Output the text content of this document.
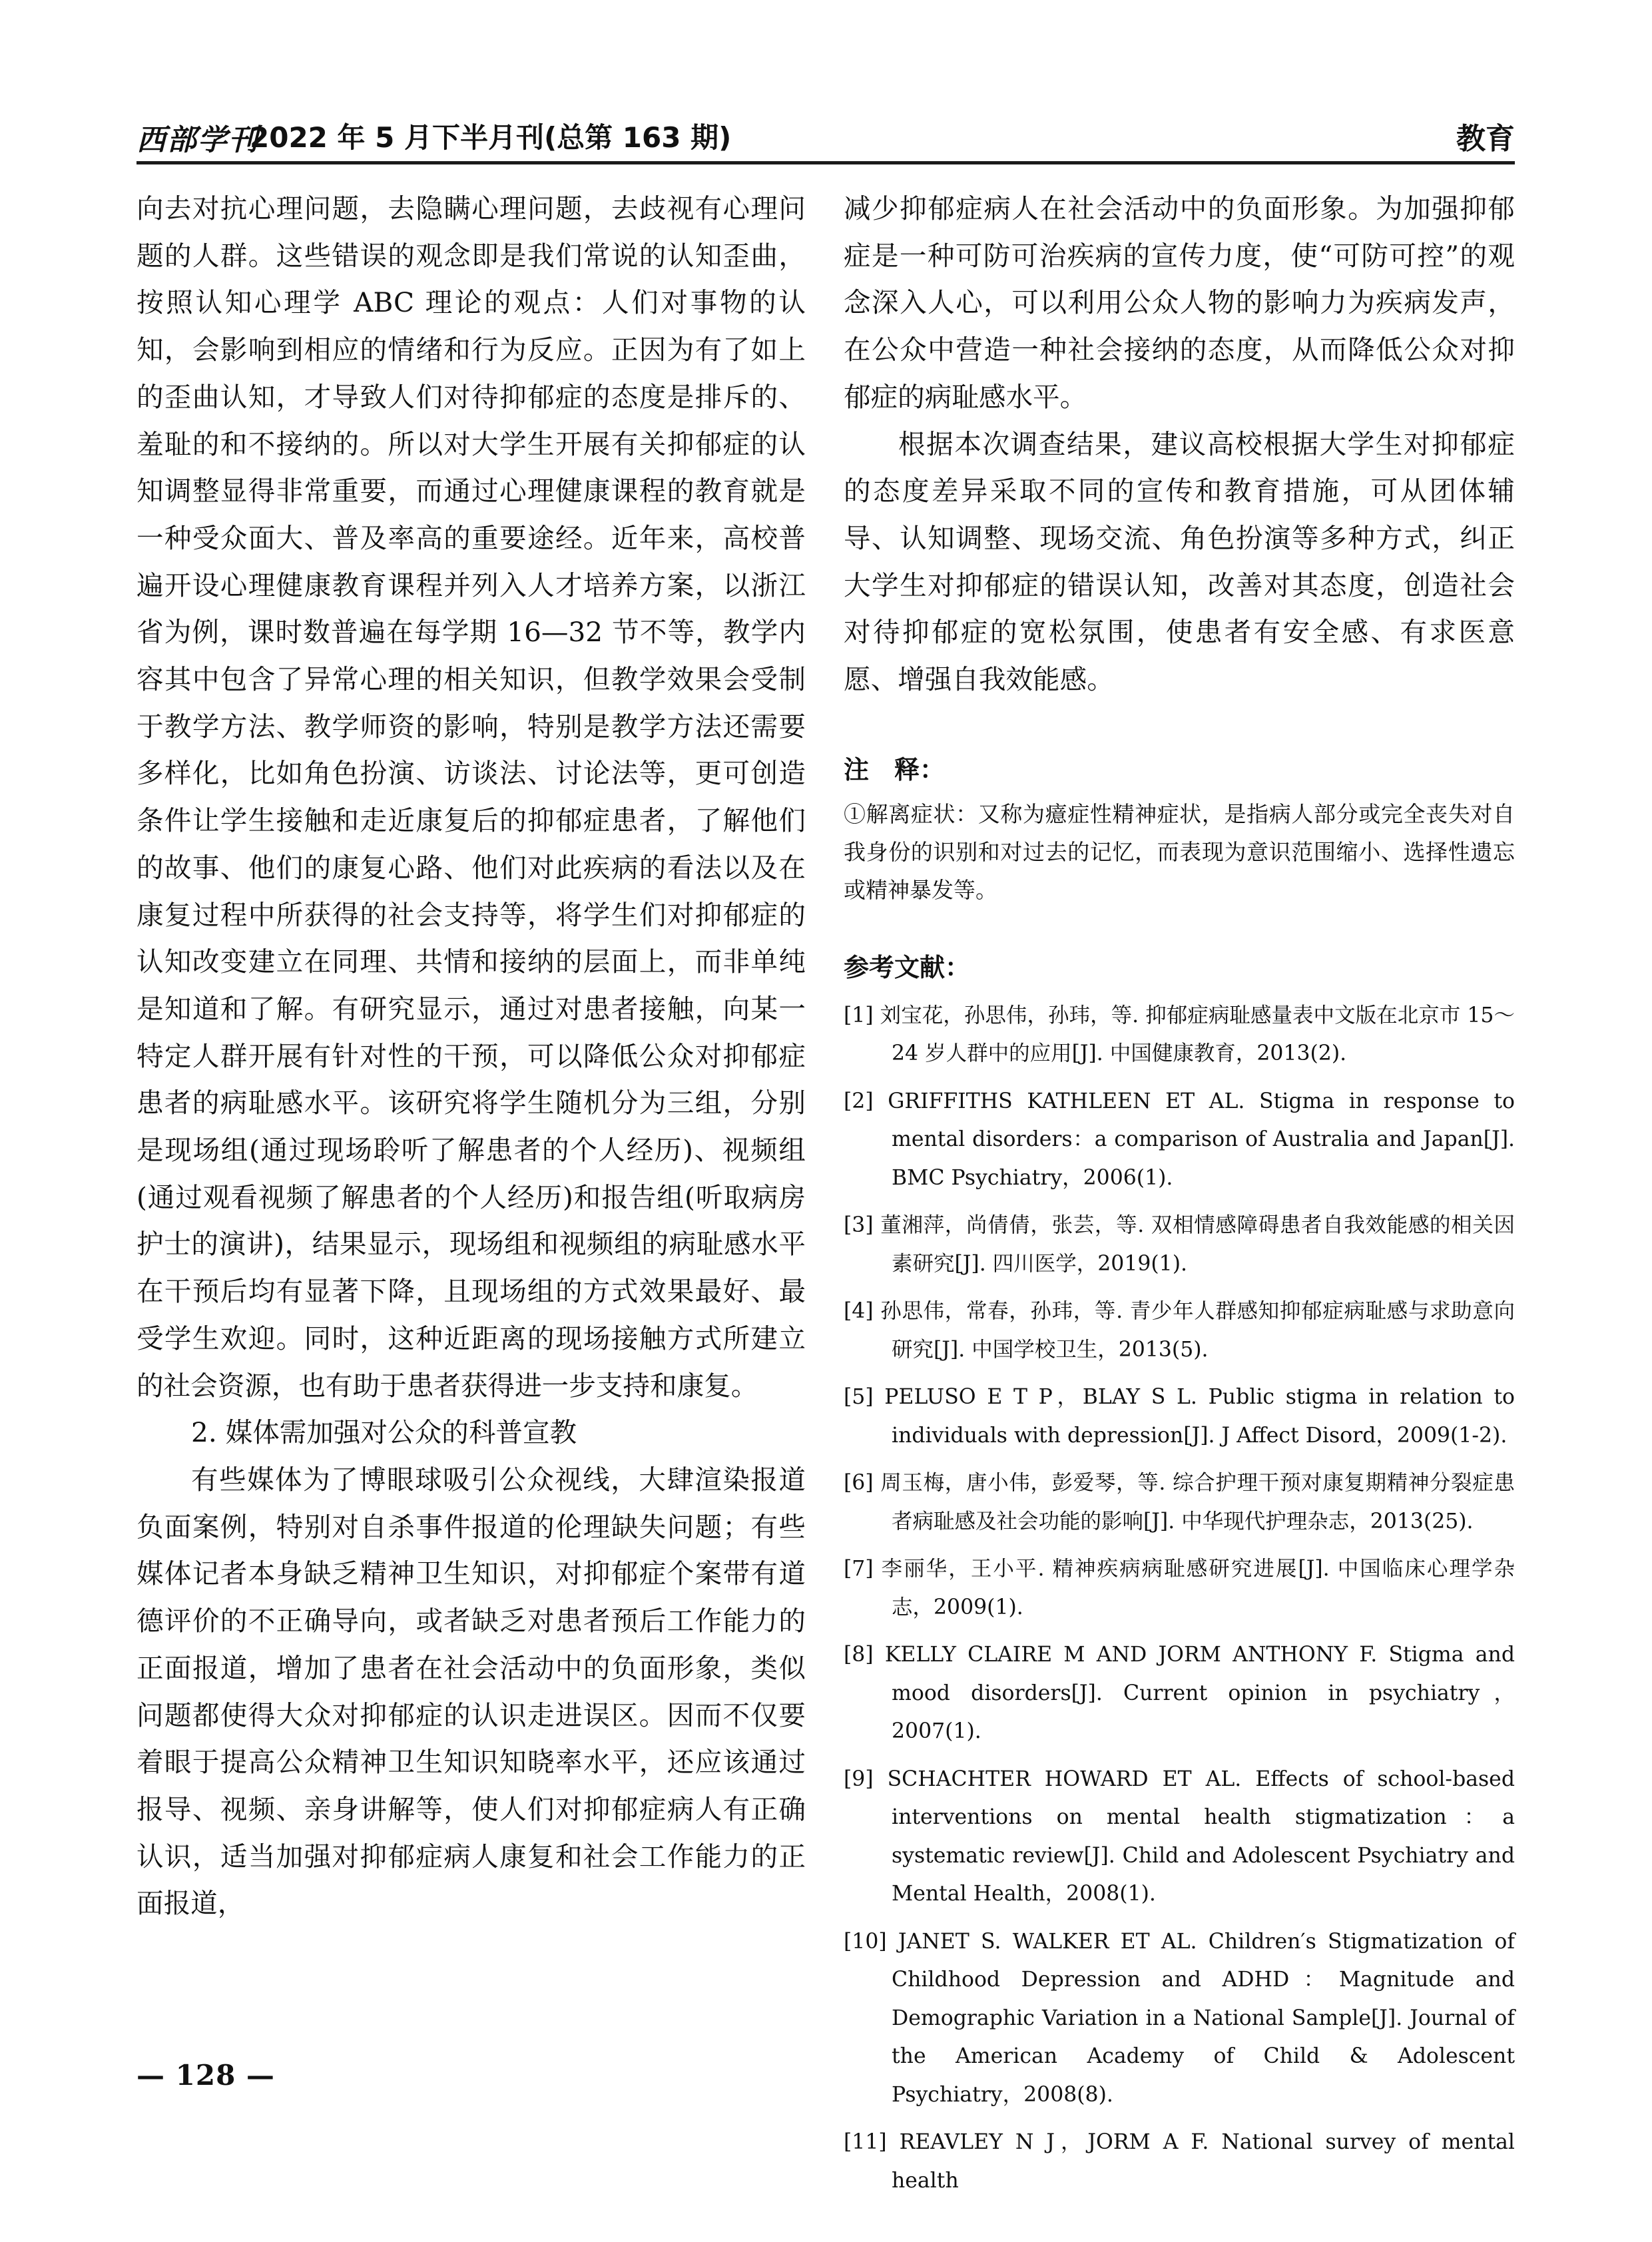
西部学刊
2022 年 5 月下半月刊(总第 163 期)	教育

向去对抗心理问题，去隐瞒心理问题，去歧视有心理问题的人群。这些错误的观念即是我们常说的认知歪曲，按照认知心理学 ABC 理论的观点：人们对事物的认知，会影响到相应的情绪和行为反应。正因为有了如上的歪曲认知，才导致人们对待抑郁症的态度是排斥的、羞耻的和不接纳的。所以对大学生开展有关抑郁症的认知调整显得非常重要，而通过心理健康课程的教育就是一种受众面大、普及率高的重要途经。近年来，高校普遍开设心理健康教育课程并列入人才培养方案，以浙江省为例，课时数普遍在每学期 16—32 节不等，教学内容其中包含了异常心理的相关知识，但教学效果会受制于教学方法、教学师资的影响，特别是教学方法还需要多样化，比如角色扮演、访谈法、讨论法等，更可创造条件让学生接触和走近康复后的抑郁症患者，了解他们的故事、他们的康复心路、他们对此疾病的看法以及在康复过程中所获得的社会支持等，将学生们对抑郁症的认知改变建立在同理、共情和接纳的层面上，而非单纯是知道和了解。有研究显示，通过对患者接触，向某一特定人群开展有针对性的干预，可以降低公众对抑郁症患者的病耻感水平。该研究将学生随机分为三组，分别是现场组(通过现场聆听了解患者的个人经历)、视频组(通过观看视频了解患者的个人经历)和报告组(听取病房护士的演讲)，结果显示，现场组和视频组的病耻感水平在干预后均有显著下降，且现场组的方式效果最好、最受学生欢迎。同时，这种近距离的现场接触方式所建立的社会资源，也有助于患者获得进一步支持和康复。

2. 媒体需加强对公众的科普宣教

有些媒体为了博眼球吸引公众视线，大肆渲染报道负面案例，特别对自杀事件报道的伦理缺失问题；有些媒体记者本身缺乏精神卫生知识，对抑郁症个案带有道德评价的不正确导向，或者缺乏对患者预后工作能力的正面报道，增加了患者在社会活动中的负面形象，类似问题都使得大众对抑郁症的认识走进误区。因而不仅要着眼于提高公众精神卫生知识知晓率水平，还应该通过报导、视频、亲身讲解等，使人们对抑郁症病人有正确认识，适当加强对抑郁症病人康复和社会工作能力的正面报道，

减少抑郁症病人在社会活动中的负面形象。为加强抑郁症是一种可防可治疾病的宣传力度，使“可防可控”的观念深入人心，可以利用公众人物的影响力为疾病发声，在公众中营造一种社会接纳的态度，从而降低公众对抑郁症的病耻感水平。

根据本次调查结果，建议高校根据大学生对抑郁症的态度差异采取不同的宣传和教育措施，可从团体辅导、认知调整、现场交流、角色扮演等多种方式，纠正大学生对抑郁症的错误认知，改善对其态度，创造社会对待抑郁症的宽松氛围，使患者有安全感、有求医意愿、增强自我效能感。

注　释：

①解离症状：又称为癔症性精神症状，是指病人部分或完全丧失对自我身份的识别和对过去的记忆，而表现为意识范围缩小、选择性遗忘或精神暴发等。

参考文献：

[1] 刘宝花，孙思伟，孙玮，等. 抑郁症病耻感量表中文版在北京市 15～24 岁人群中的应用[J]. 中国健康教育，2013(2).

[2] GRIFFITHS KATHLEEN ET AL. Stigma in response to mental disorders：a comparison of Australia and Japan[J]. BMC Psychiatry，2006(1).

[3] 董湘萍，尚倩倩，张芸，等. 双相情感障碍患者自我效能感的相关因素研究[J]. 四川医学，2019(1).

[4] 孙思伟，常春，孙玮，等. 青少年人群感知抑郁症病耻感与求助意向研究[J]. 中国学校卫生，2013(5).

[5] PELUSO E T P，BLAY S L. Public stigma in relation to individuals with depression[J]. J Affect Disord，2009(1-2).

[6] 周玉梅，唐小伟，彭爱琴，等. 综合护理干预对康复期精神分裂症患者病耻感及社会功能的影响[J]. 中华现代护理杂志，2013(25).

[7] 李丽华，王小平. 精神疾病病耻感研究进展[J]. 中国临床心理学杂志，2009(1).

[8] KELLY CLAIRE M AND JORM ANTHONY F. Stigma and mood disorders[J]. Current opinion in psychiatry，2007(1).

[9] SCHACHTER HOWARD ET AL. Effects of school-based interventions on mental health stigmatization：a systematic review[J]. Child and Adolescent Psychiatry and Mental Health，2008(1).

[10] JANET S. WALKER ET AL. Children′s Stigmatization of Childhood Depression and ADHD：Magnitude and Demographic Variation in a National Sample[J]. Journal of the American Academy of Child & Adolescent Psychiatry，2008(8).

[11] REAVLEY N J，JORM A F. National survey of mental health

— 128 —
